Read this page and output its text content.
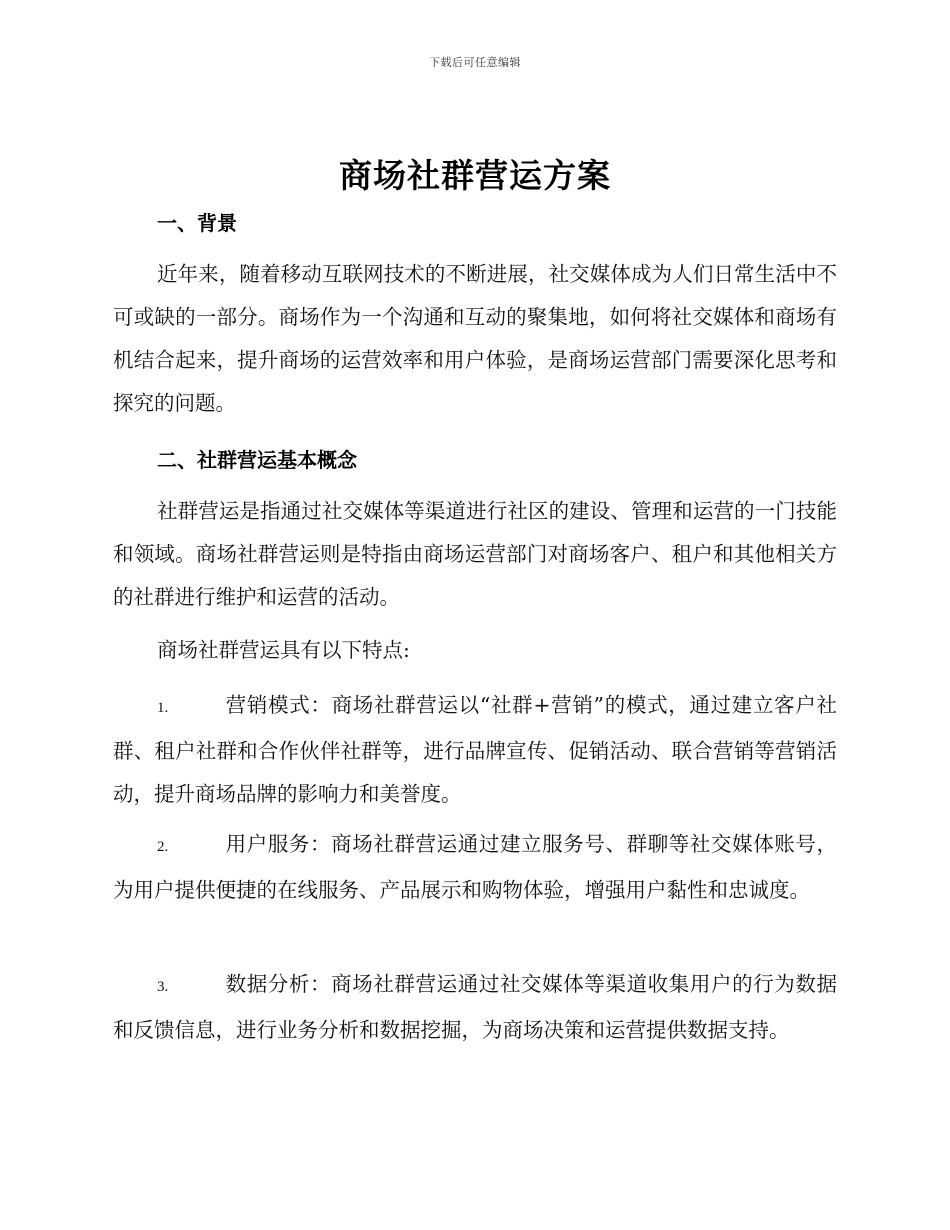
下载后可任意编辑
商场社群营运方案
一、背景
近年来，随着移动互联网技术的不断进展，社交媒体成为人们日常生活中不可或缺的一部分。商场作为一个沟通和互动的聚集地，如何将社交媒体和商场有机结合起来，提升商场的运营效率和用户体验，是商场运营部门需要深化思考和探究的问题。
二、社群营运基本概念
社群营运是指通过社交媒体等渠道进行社区的建设、管理和运营的一门技能和领域。商场社群营运则是特指由商场运营部门对商场客户、租户和其他相关方的社群进行维护和运营的活动。
商场社群营运具有以下特点:
1.	营销模式：商场社群营运以“社群+营销”的模式，通过建立客户社群、租户社群和合作伙伴社群等，进行品牌宣传、促销活动、联合营销等营销活动，提升商场品牌的影响力和美誉度。
2.	用户服务：商场社群营运通过建立服务号、群聊等社交媒体账号，为用户提供便捷的在线服务、产品展示和购物体验，增强用户黏性和忠诚度。
3.	数据分析：商场社群营运通过社交媒体等渠道收集用户的行为数据和反馈信息，进行业务分析和数据挖掘，为商场决策和运营提供数据支持。
